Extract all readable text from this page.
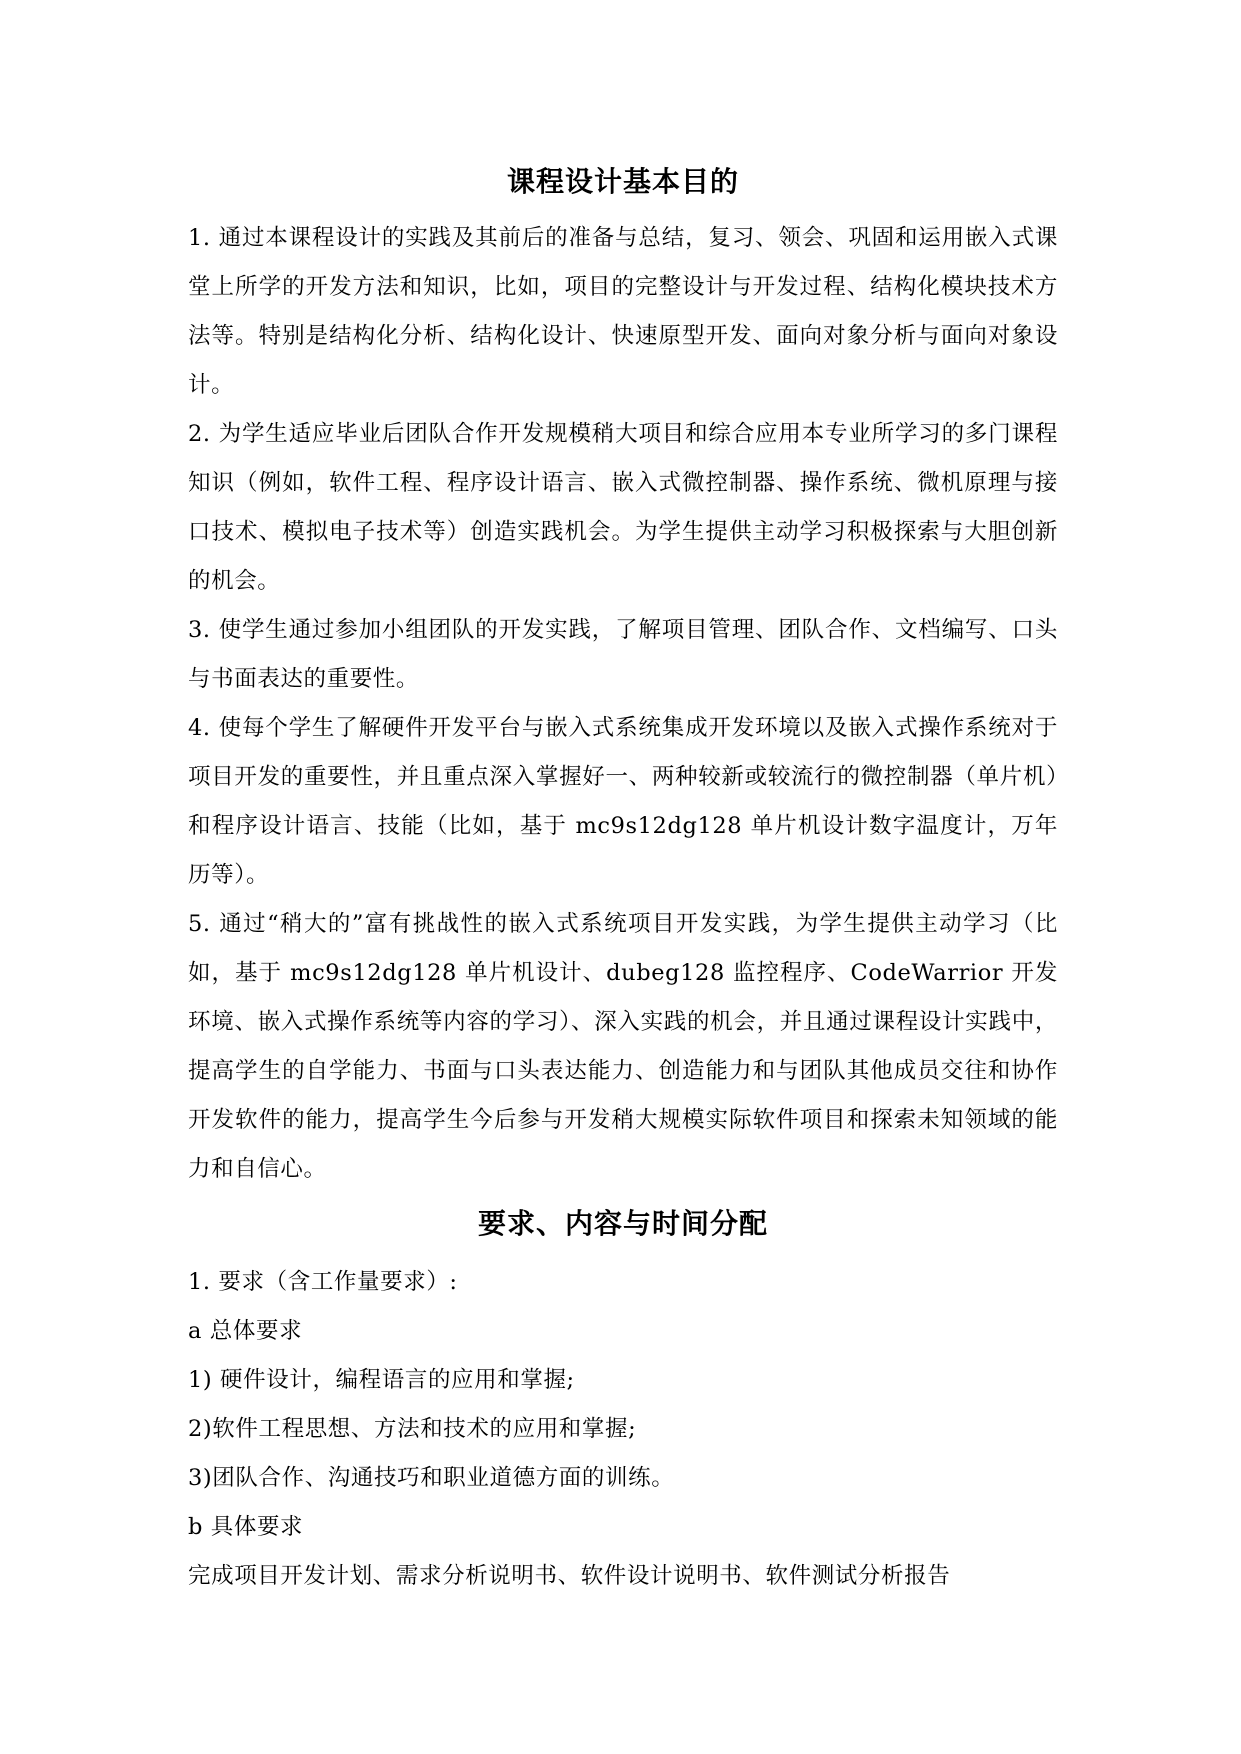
课程设计基本目的

1. 通过本课程设计的实践及其前后的准备与总结，复习、领会、巩固和运用嵌入式课堂上所学的开发方法和知识，比如，项目的完整设计与开发过程、结构化模块技术方法等。特别是结构化分析、结构化设计、快速原型开发、面向对象分析与面向对象设计。

2. 为学生适应毕业后团队合作开发规模稍大项目和综合应用本专业所学习的多门课程知识（例如，软件工程、程序设计语言、嵌入式微控制器、操作系统、微机原理与接口技术、模拟电子技术等）创造实践机会。为学生提供主动学习积极探索与大胆创新的机会。

3. 使学生通过参加小组团队的开发实践，了解项目管理、团队合作、文档编写、口头与书面表达的重要性。

4. 使每个学生了解硬件开发平台与嵌入式系统集成开发环境以及嵌入式操作系统对于项目开发的重要性，并且重点深入掌握好一、两种较新或较流行的微控制器（单片机）和程序设计语言、技能（比如，基于 mc9s12dg128 单片机设计数字温度计，万年历等）。

5. 通过“稍大的”富有挑战性的嵌入式系统项目开发实践，为学生提供主动学习（比如，基于 mc9s12dg128 单片机设计、dubeg128 监控程序、CodeWarrior 开发环境、嵌入式操作系统等内容的学习）、深入实践的机会，并且通过课程设计实践中，提高学生的自学能力、书面与口头表达能力、创造能力和与团队其他成员交往和协作开发软件的能力，提高学生今后参与开发稍大规模实际软件项目和探索未知领域的能力和自信心。

要求、内容与时间分配

1. 要求（含工作量要求）:

a 总体要求

1) 硬件设计，编程语言的应用和掌握;

2)软件工程思想、方法和技术的应用和掌握;

3)团队合作、沟通技巧和职业道德方面的训练。

b 具体要求

完成项目开发计划、需求分析说明书、软件设计说明书、软件测试分析报告
